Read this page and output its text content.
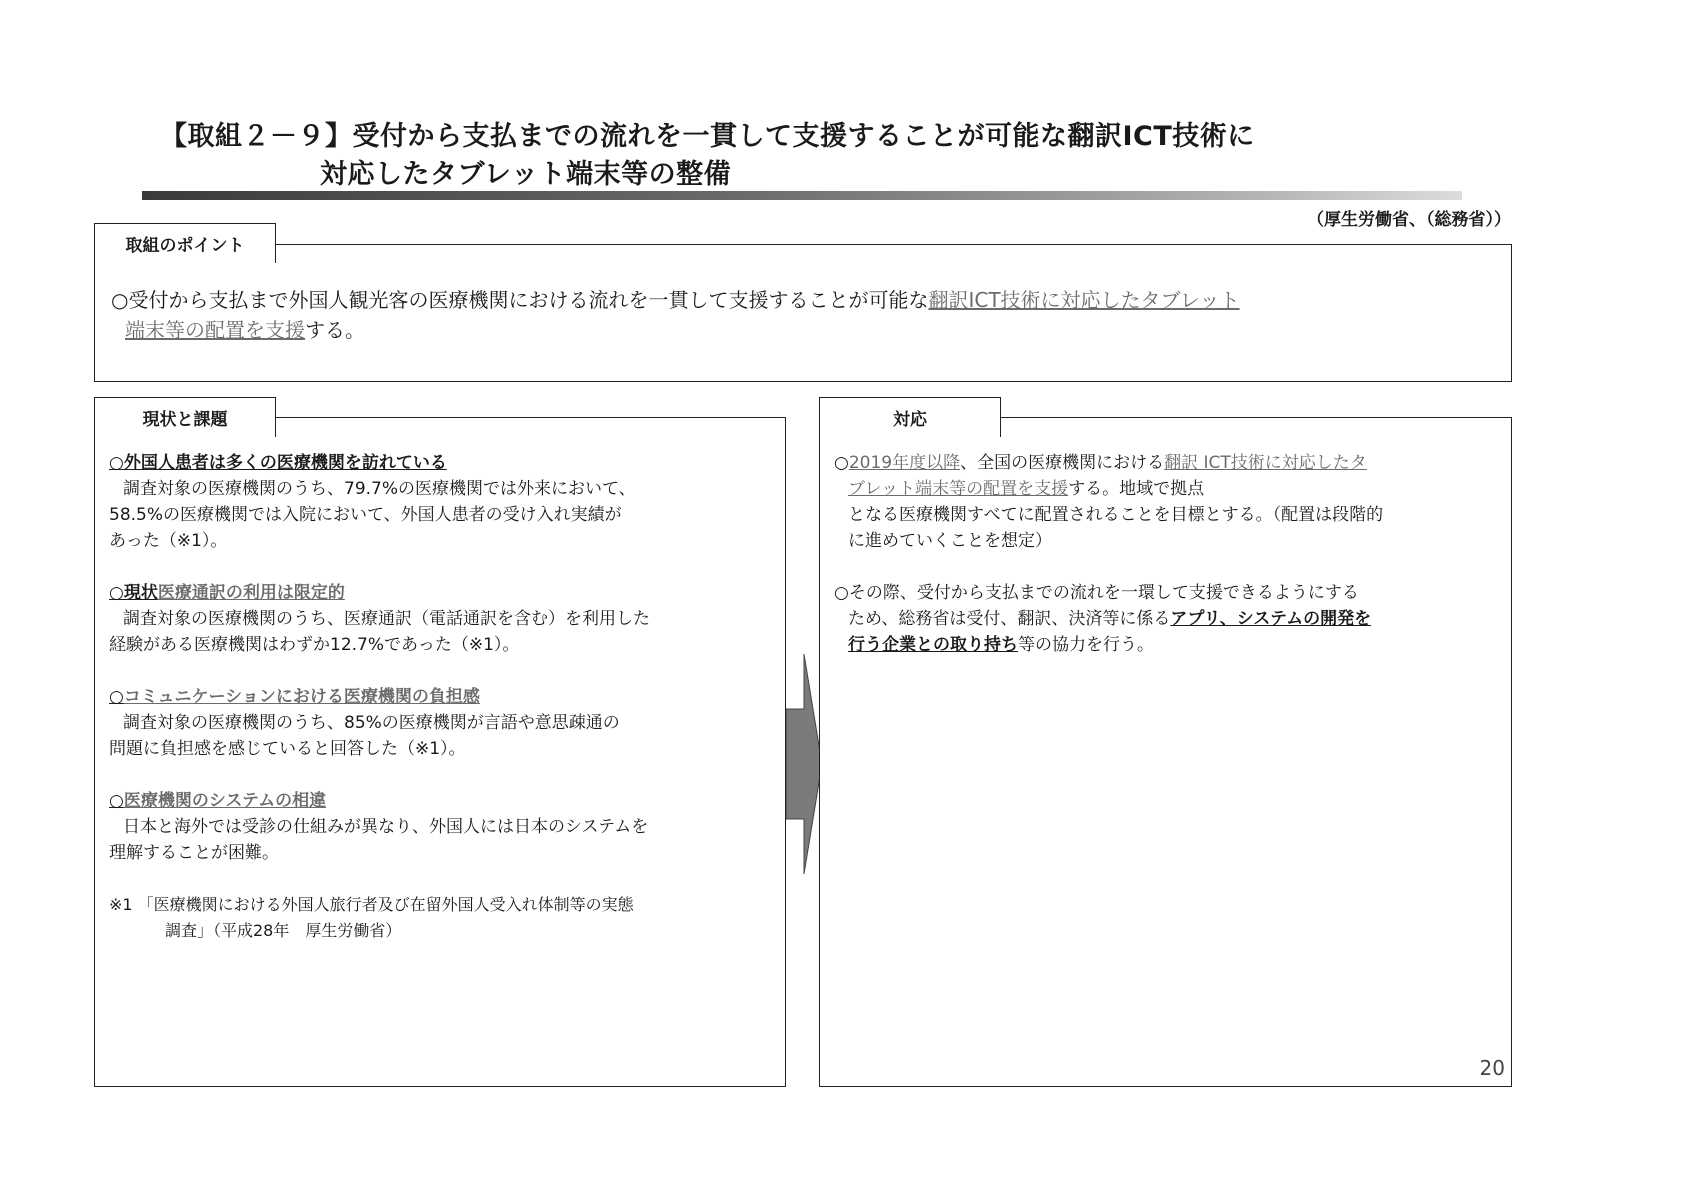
【取組２－９】受付から支払までの流れを一貫して支援することが可能な翻訳ICT技術に
対応したタブレット端末等の整備
（厚生労働省、（総務省））
取組のポイント
○受付から支払まで外国人観光客の医療機関における流れを一貫して支援することが可能な翻訳ICT技術に対応したタブレット
端末等の配置を支援する。
現状と課題
○外国人患者は多くの医療機関を訪れている
調査対象の医療機関のうち、79.7%の医療機関では外来において、
58.5%の医療機関では入院において、外国人患者の受け入れ実績が
あった（※1）。
○現状医療通訳の利用は限定的
調査対象の医療機関のうち、医療通訳（電話通訳を含む）を利用した
経験がある医療機関はわずか12.7%であった（※1）。
○コミュニケーションにおける医療機関の負担感
調査対象の医療機関のうち、85%の医療機関が言語や意思疎通の
問題に負担感を感じていると回答した（※1）。
○医療機関のシステムの相違
日本と海外では受診の仕組みが異なり、外国人には日本のシステムを
理解することが困難。
※1 「医療機関における外国人旅行者及び在留外国人受入れ体制等の実態
調査」（平成28年　厚生労働省）
対応
○2019年度以降、全国の医療機関における翻訳 ICT技術に対応したタ
ブレット端末等の配置を支援する。地域で拠点
となる医療機関すべてに配置されることを目標とする。（配置は段階的
に進めていくことを想定）
○その際、受付から支払までの流れを一環して支援できるようにする
ため、総務省は受付、翻訳、決済等に係るアプリ、システムの開発を
行う企業との取り持ち等の協力を行う。
20
